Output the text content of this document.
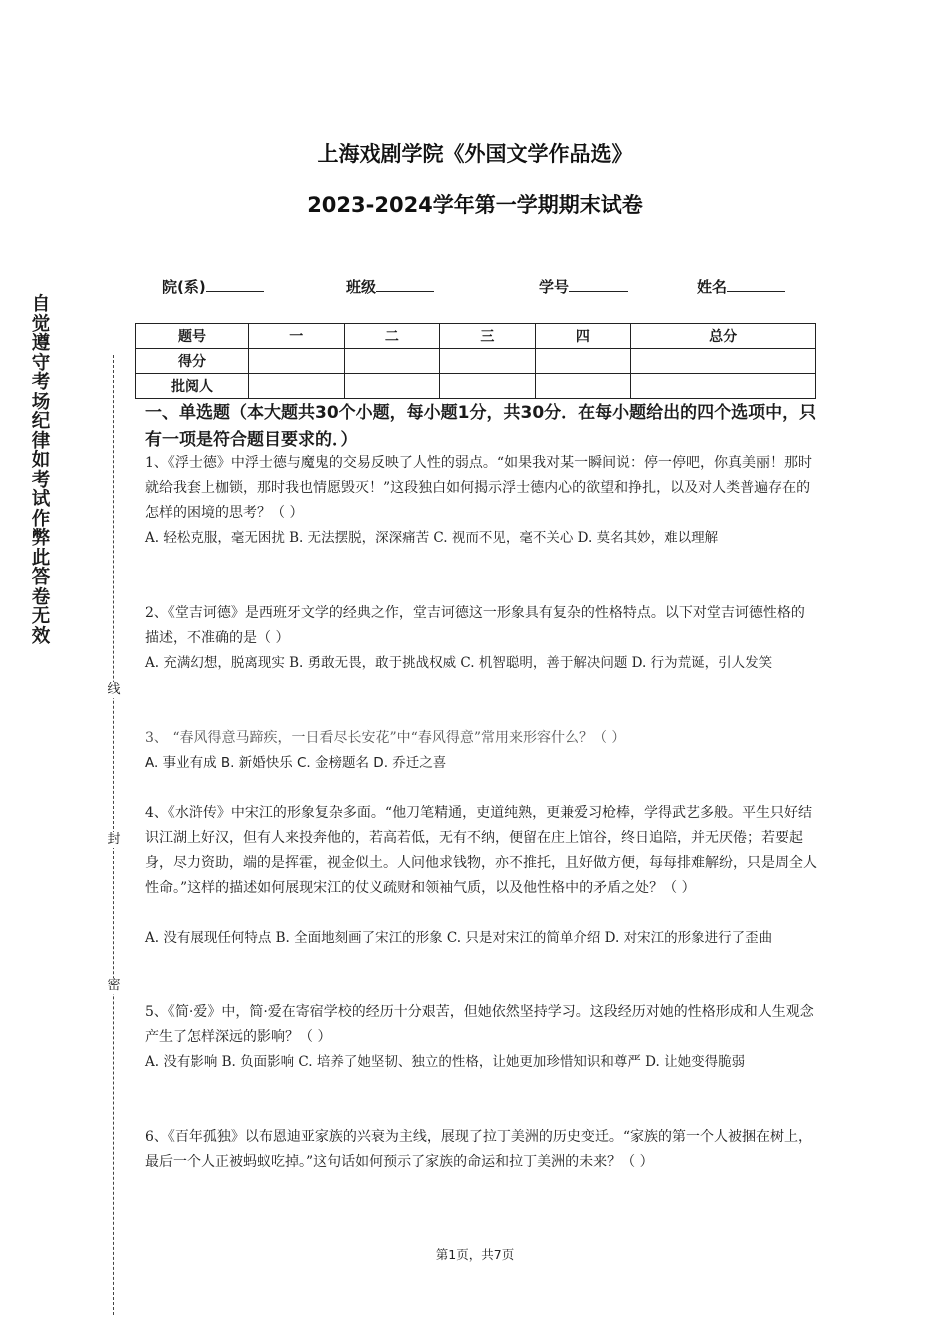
上海戏剧学院《外国文学作品选》
2023-2024学年第一学期期末试卷
院(系)	班级	学号	姓名
题号	一	二	三	四	总分
得分					
批阅人					
一、单选题（本大题共30个小题，每小题1分，共30分．在每小题给出的四个选项中，只有一项是符合题目要求的．）
1、《浮士德》中浮士德与魔鬼的交易反映了人性的弱点。“如果我对某一瞬间说：停一停吧，你真美丽！那时就给我套上枷锁，那时我也情愿毁灭！”这段独白如何揭示浮士德内心的欲望和挣扎，以及对人类普遍存在的怎样的困境的思考？（ ）
A. 轻松克服，毫无困扰 B. 无法摆脱，深深痛苦 C. 视而不见，毫不关心 D. 莫名其妙，难以理解
2、《堂吉诃德》是西班牙文学的经典之作，堂吉诃德这一形象具有复杂的性格特点。以下对堂吉诃德性格的描述，不准确的是（ ）
A. 充满幻想，脱离现实 B. 勇敢无畏，敢于挑战权威 C. 机智聪明，善于解决问题 D. 行为荒诞，引人发笑
3、 “春风得意马蹄疾，一日看尽长安花”中“春风得意”常用来形容什么？（ ）
A. 事业有成 B. 新婚快乐 C. 金榜题名 D. 乔迁之喜
4、《水浒传》中宋江的形象复杂多面。“他刀笔精通，吏道纯熟，更兼爱习枪棒，学得武艺多般。平生只好结识江湖上好汉，但有人来投奔他的，若高若低，无有不纳，便留在庄上馆谷，终日追陪，并无厌倦；若要起身，尽力资助，端的是挥霍，视金似土。人问他求钱物，亦不推托，且好做方便，每每排难解纷，只是周全人性命。”这样的描述如何展现宋江的仗义疏财和领袖气质，以及他性格中的矛盾之处？（ ）
A. 没有展现任何特点 B. 全面地刻画了宋江的形象 C. 只是对宋江的简单介绍 D. 对宋江的形象进行了歪曲
5、《简·爱》中，简·爱在寄宿学校的经历十分艰苦，但她依然坚持学习。这段经历对她的性格形成和人生观念产生了怎样深远的影响？（ ）
A. 没有影响 B. 负面影响 C. 培养了她坚韧、独立的性格，让她更加珍惜知识和尊严 D. 让她变得脆弱
6、《百年孤独》以布恩迪亚家族的兴衰为主线，展现了拉丁美洲的历史变迁。“家族的第一个人被捆在树上，最后一个人正被蚂蚁吃掉。”这句话如何预示了家族的命运和拉丁美洲的未来？（ ）
自觉遵守考场纪律如考试作弊此答卷无效
线
封
密
第1页，共7页
